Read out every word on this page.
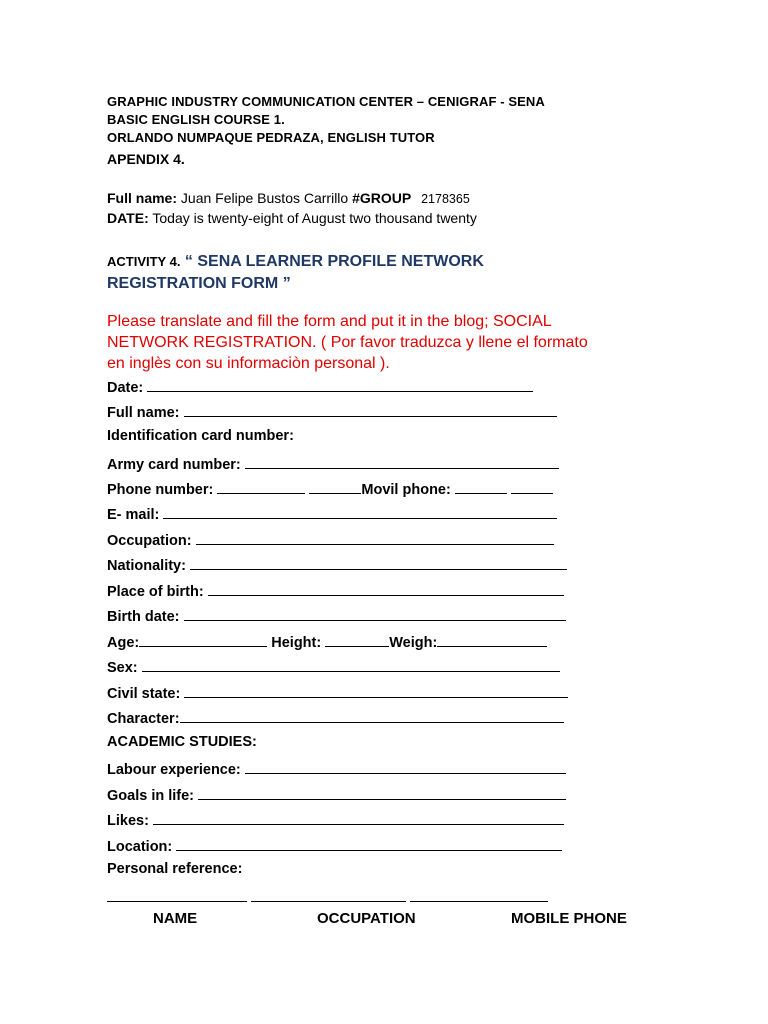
GRAPHIC INDUSTRY COMMUNICATION CENTER – CENIGRAF - SENA
BASIC ENGLISH COURSE 1.
ORLANDO NUMPAQUE PEDRAZA, ENGLISH TUTOR
APENDIX 4.
Full name: Juan Felipe Bustos Carrillo #GROUP 2178365
DATE: Today is twenty-eight of August two thousand twenty
ACTIVITY 4. “ SENA LEARNER PROFILE NETWORK
REGISTRATION FORM ”
Please translate and fill the form and put it in the blog; SOCIAL
NETWORK REGISTRATION. ( Por favor traduzca y llene el formato
en inglès con su informaciòn personal ).
Date:
Full name:
Identification card number:
Army card number:
Phone number:	Movil phone:
E- mail:
Occupation:
Nationality:
Place of birth:
Birth date:
Age:	Height:	Weigh:
Sex:
Civil state:
Character:
ACADEMIC STUDIES:
Labour experience:
Goals in life:
Likes:
Location:
Personal reference:

NAME	OCCUPATION	MOBILE PHONE
